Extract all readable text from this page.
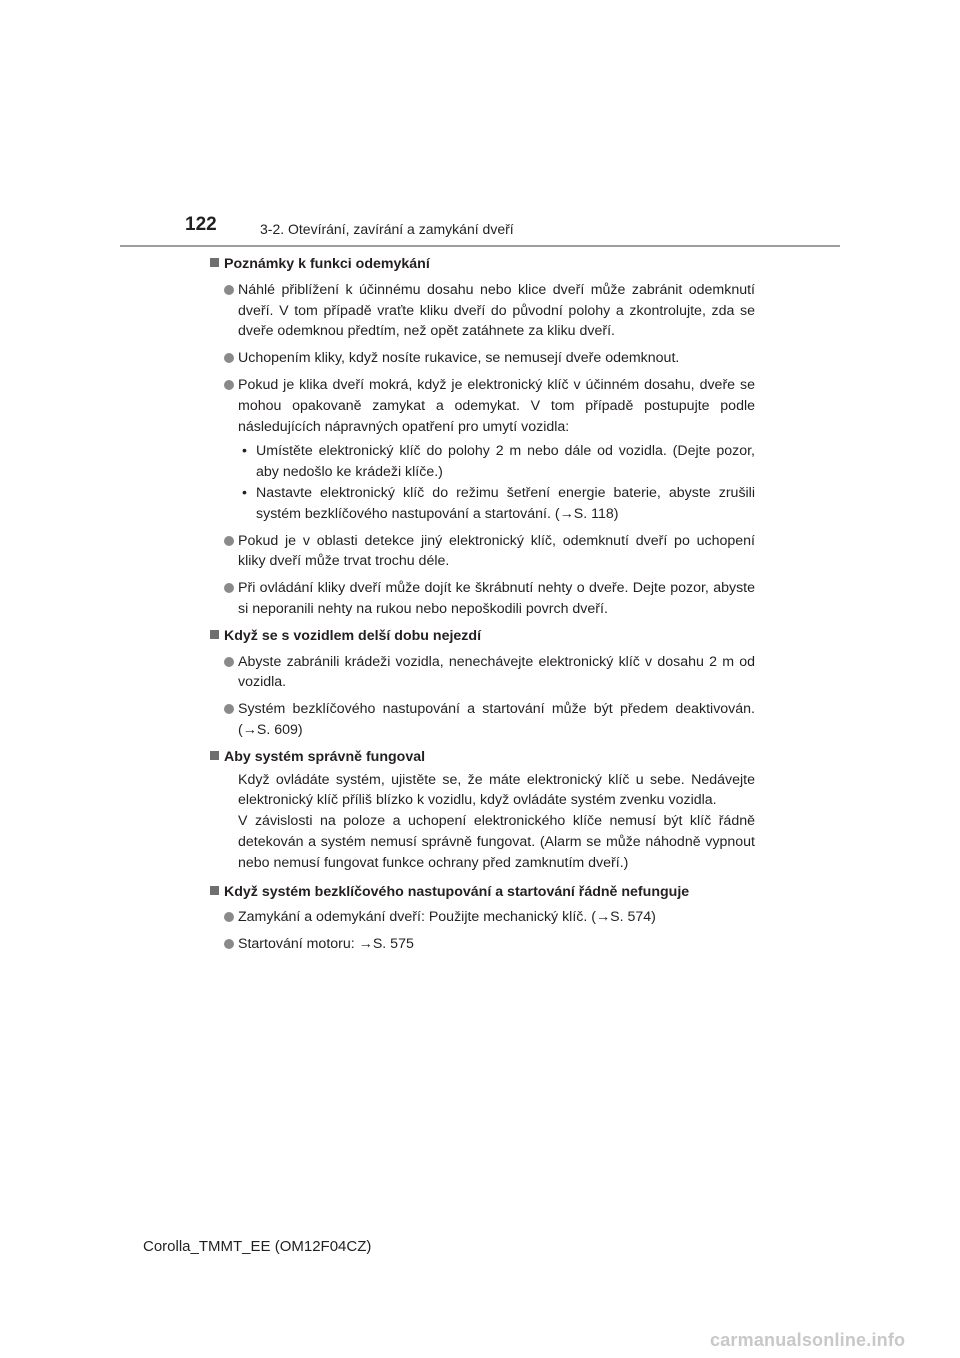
122	3-2. Otevírání, zavírání a zamykání dveří
Poznámky k funkci odemykání
Náhlé přiblížení k účinnému dosahu nebo klice dveří může zabránit odemknutí dveří. V tom případě vraťte kliku dveří do původní polohy a zkontrolujte, zda se dveře odemknou předtím, než opět zatáhnete za kliku dveří.
Uchopením kliky, když nosíte rukavice, se nemusejí dveře odemknout.
Pokud je klika dveří mokrá, když je elektronický klíč v účinném dosahu, dveře se mohou opakovaně zamykat a odemykat. V tom případě postupujte podle následujících nápravných opatření pro umytí vozidla:
• Umístěte elektronický klíč do polohy 2 m nebo dále od vozidla. (Dejte pozor, aby nedošlo ke krádeži klíče.)
• Nastavte elektronický klíč do režimu šetření energie baterie, abyste zrušili systém bezklíčového nastupování a startování. (→S. 118)
Pokud je v oblasti detekce jiný elektronický klíč, odemknutí dveří po uchopení kliky dveří může trvat trochu déle.
Při ovládání kliky dveří může dojít ke škrábnutí nehty o dveře. Dejte pozor, abyste si neporanili nehty na rukou nebo nepoškodili povrch dveří.
Když se s vozidlem delší dobu nejezdí
Abyste zabránili krádeži vozidla, nenechávejte elektronický klíč v dosahu 2 m od vozidla.
Systém bezklíčového nastupování a startování může být předem deaktivován. (→S. 609)
Aby systém správně fungoval
Když ovládáte systém, ujistěte se, že máte elektronický klíč u sebe. Nedávejte elektronický klíč příliš blízko k vozidlu, když ovládáte systém zvenku vozidla.
V závislosti na poloze a uchopení elektronického klíče nemusí být klíč řádně detekován a systém nemusí správně fungovat. (Alarm se může náhodně vypnout nebo nemusí fungovat funkce ochrany před zamknutím dveří.)
Když systém bezklíčového nastupování a startování řádně nefunguje
Zamykání a odemykání dveří: Použijte mechanický klíč. (→S. 574)
Startování motoru: →S. 575
Corolla_TMMT_EE (OM12F04CZ)
carmanualsonline.info
